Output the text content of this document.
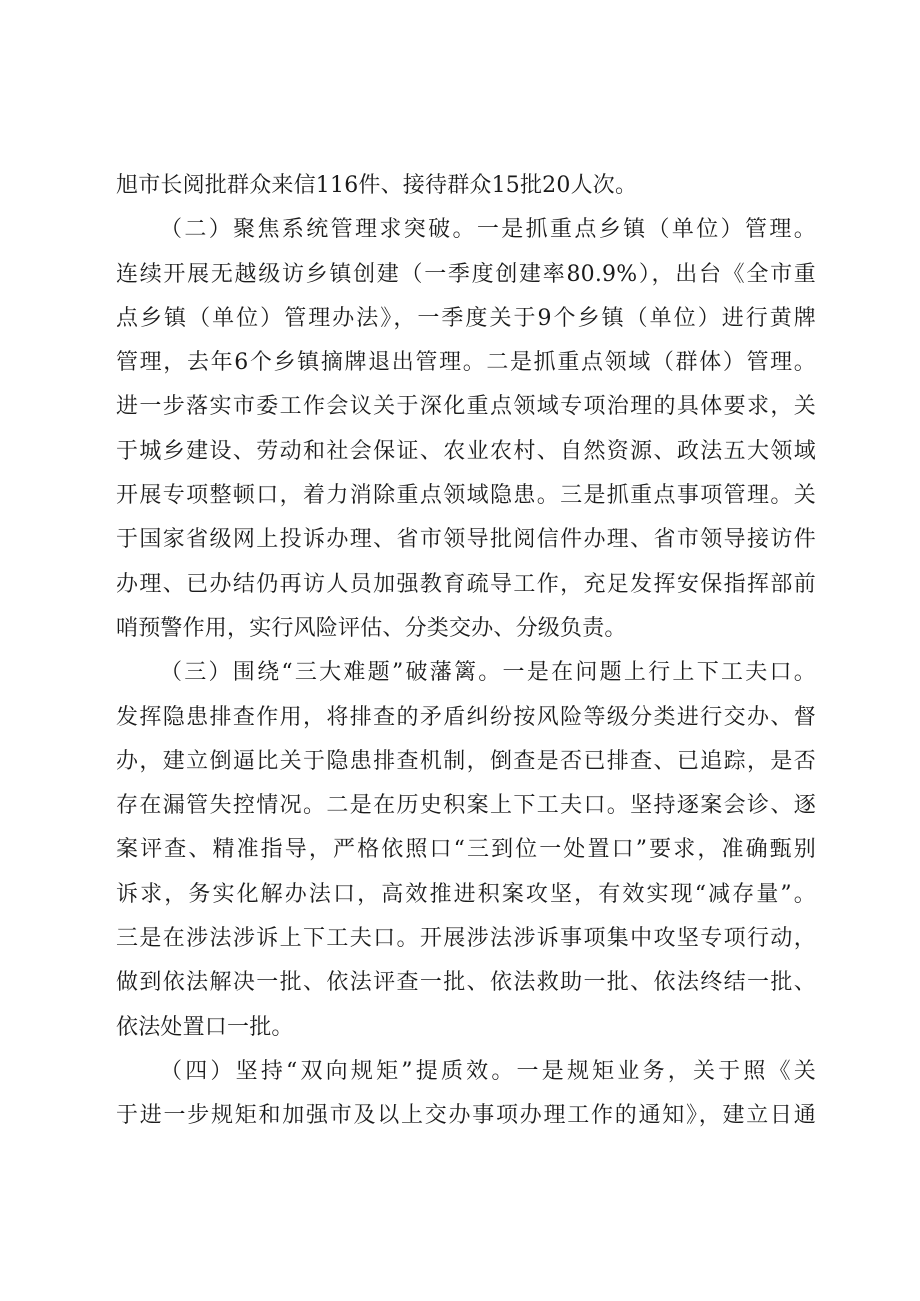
旭市长阅批群众来信116件、接待群众15批20人次。
（二）聚焦系统管理求突破。一是抓重点乡镇（单位）管理。
连续开展无越级访乡镇创建（一季度创建率80.9%），出台《全市重
点乡镇（单位）管理办法》，一季度关于9个乡镇（单位）进行黄牌
管理，去年6个乡镇摘牌退出管理。二是抓重点领域（群体）管理。
进一步落实市委工作会议关于深化重点领域专项治理的具体要求，关
于城乡建设、劳动和社会保证、农业农村、自然资源、政法五大领域
开展专项整顿口，着力消除重点领域隐患。三是抓重点事项管理。关
于国家省级网上投诉办理、省市领导批阅信件办理、省市领导接访件
办理、已办结仍再访人员加强教育疏导工作，充足发挥安保指挥部前
哨预警作用，实行风险评估、分类交办、分级负责。
（三）围绕“三大难题”破藩篱。一是在问题上行上下工夫口。
发挥隐患排查作用，将排查的矛盾纠纷按风险等级分类进行交办、督
办，建立倒逼比关于隐患排查机制，倒查是否已排查、已追踪，是否
存在漏管失控情况。二是在历史积案上下工夫口。坚持逐案会诊、逐
案评查、精准指导，严格依照口“三到位一处置口”要求，准确甄别
诉求，务实化解办法口，高效推进积案攻坚，有效实现“减存量”。
三是在涉法涉诉上下工夫口。开展涉法涉诉事项集中攻坚专项行动，
做到依法解决一批、依法评查一批、依法救助一批、依法终结一批、
依法处置口一批。
（四）坚持“双向规矩”提质效。一是规矩业务，关于照《关
于进一步规矩和加强市及以上交办事项办理工作的通知》，建立日通
